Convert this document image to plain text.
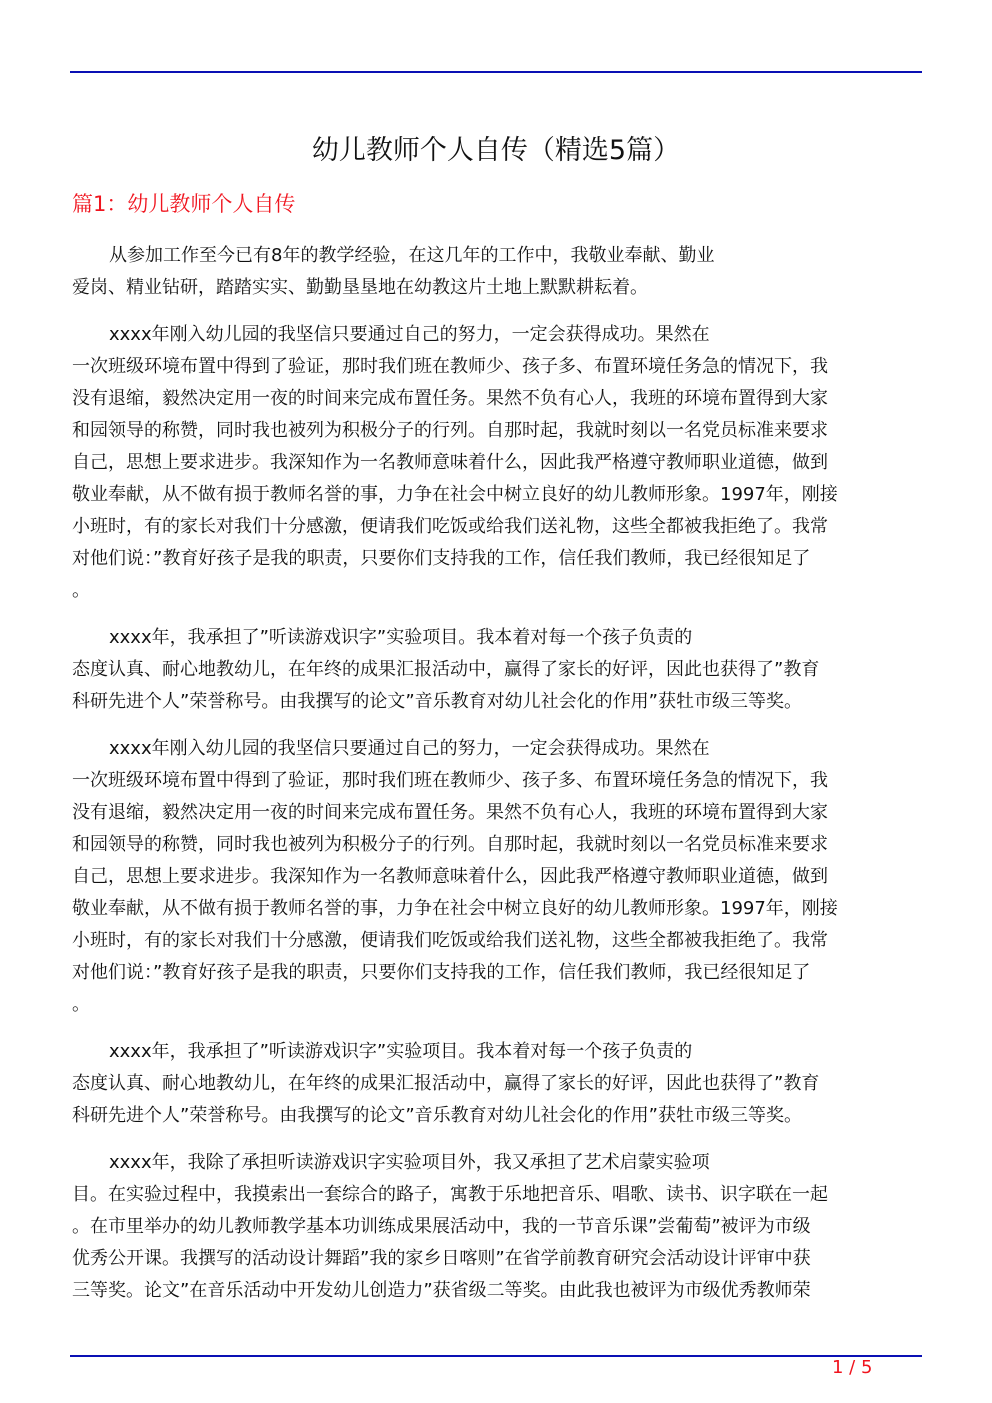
幼儿教师个人自传（精选5篇）
篇1：幼儿教师个人自传
从参加工作至今已有8年的教学经验，在这几年的工作中，我敬业奉献、勤业
爱岗、精业钻研，踏踏实实、勤勤垦垦地在幼教这片土地上默默耕耘着。
xxxx年刚入幼儿园的我坚信只要通过自己的努力，一定会获得成功。果然在
一次班级环境布置中得到了验证，那时我们班在教师少、孩子多、布置环境任务急的情况下，我
没有退缩，毅然决定用一夜的时间来完成布置任务。果然不负有心人，我班的环境布置得到大家
和园领导的称赞，同时我也被列为积极分子的行列。自那时起，我就时刻以一名党员标准来要求
自己，思想上要求进步。我深知作为一名教师意味着什么，因此我严格遵守教师职业道德，做到
敬业奉献，从不做有损于教师名誉的事，力争在社会中树立良好的幼儿教师形象。1997年，刚接
小班时，有的家长对我们十分感激，便请我们吃饭或给我们送礼物，这些全都被我拒绝了。我常
对他们说：”教育好孩子是我的职责，只要你们支持我的工作，信任我们教师，我已经很知足了
。
xxxx年，我承担了”听读游戏识字”实验项目。我本着对每一个孩子负责的
态度认真、耐心地教幼儿，在年终的成果汇报活动中，赢得了家长的好评，因此也获得了”教育
科研先进个人”荣誉称号。由我撰写的论文”音乐教育对幼儿社会化的作用”获牡市级三等奖。
xxxx年刚入幼儿园的我坚信只要通过自己的努力，一定会获得成功。果然在
一次班级环境布置中得到了验证，那时我们班在教师少、孩子多、布置环境任务急的情况下，我
没有退缩，毅然决定用一夜的时间来完成布置任务。果然不负有心人，我班的环境布置得到大家
和园领导的称赞，同时我也被列为积极分子的行列。自那时起，我就时刻以一名党员标准来要求
自己，思想上要求进步。我深知作为一名教师意味着什么，因此我严格遵守教师职业道德，做到
敬业奉献，从不做有损于教师名誉的事，力争在社会中树立良好的幼儿教师形象。1997年，刚接
小班时，有的家长对我们十分感激，便请我们吃饭或给我们送礼物，这些全都被我拒绝了。我常
对他们说：”教育好孩子是我的职责，只要你们支持我的工作，信任我们教师，我已经很知足了
。
xxxx年，我承担了”听读游戏识字”实验项目。我本着对每一个孩子负责的
态度认真、耐心地教幼儿，在年终的成果汇报活动中，赢得了家长的好评，因此也获得了”教育
科研先进个人”荣誉称号。由我撰写的论文”音乐教育对幼儿社会化的作用”获牡市级三等奖。
xxxx年，我除了承担听读游戏识字实验项目外，我又承担了艺术启蒙实验项
目。在实验过程中，我摸索出一套综合的路子，寓教于乐地把音乐、唱歌、读书、识字联在一起
。在市里举办的幼儿教师教学基本功训练成果展活动中，我的一节音乐课”尝葡萄”被评为市级
优秀公开课。我撰写的活动设计舞蹈”我的家乡日喀则”在省学前教育研究会活动设计评审中获
三等奖。论文”在音乐活动中开发幼儿创造力”获省级二等奖。由此我也被评为市级优秀教师荣
1 / 5
